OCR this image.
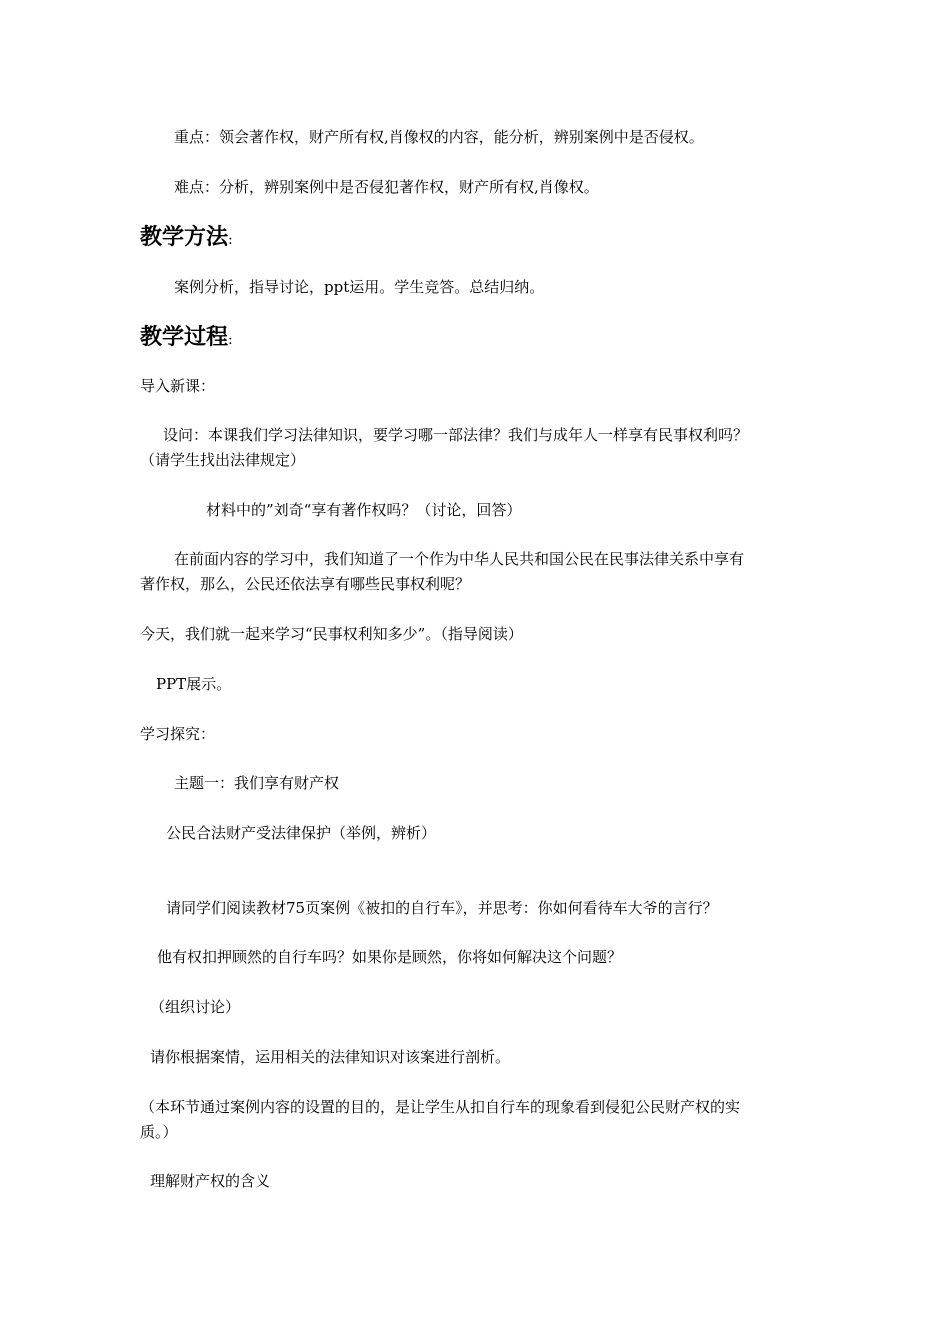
重点：领会著作权，财产所有权,肖像权的内容，能分析，辨别案例中是否侵权。
难点：分析，辨别案例中是否侵犯著作权，财产所有权,肖像权。
教学方法:
案例分析，指导讨论，ppt运用。学生竞答。总结归纳。
教学过程:
导入新课：
设问：本课我们学习法律知识，要学习哪一部法律？我们与成年人一样享有民事权利吗？
（请学生找出法律规定）
材料中的”刘奇“享有著作权吗？（讨论，回答）
在前面内容的学习中，我们知道了一个作为中华人民共和国公民在民事法律关系中享有
著作权，那么，公民还依法享有哪些民事权利呢？
今天，我们就一起来学习“民事权利知多少”。（指导阅读）
PPT展示。
学习探究：
主题一：我们享有财产权
公民合法财产受法律保护（举例，辨析）
请同学们阅读教材75页案例《被扣的自行车》，并思考：你如何看待车大爷的言行？
他有权扣押顾然的自行车吗？如果你是顾然，你将如何解决这个问题？
（组织讨论）
请你根据案情，运用相关的法律知识对该案进行剖析。
（本环节通过案例内容的设置的目的，是让学生从扣自行车的现象看到侵犯公民财产权的实
质。）
理解财产权的含义
